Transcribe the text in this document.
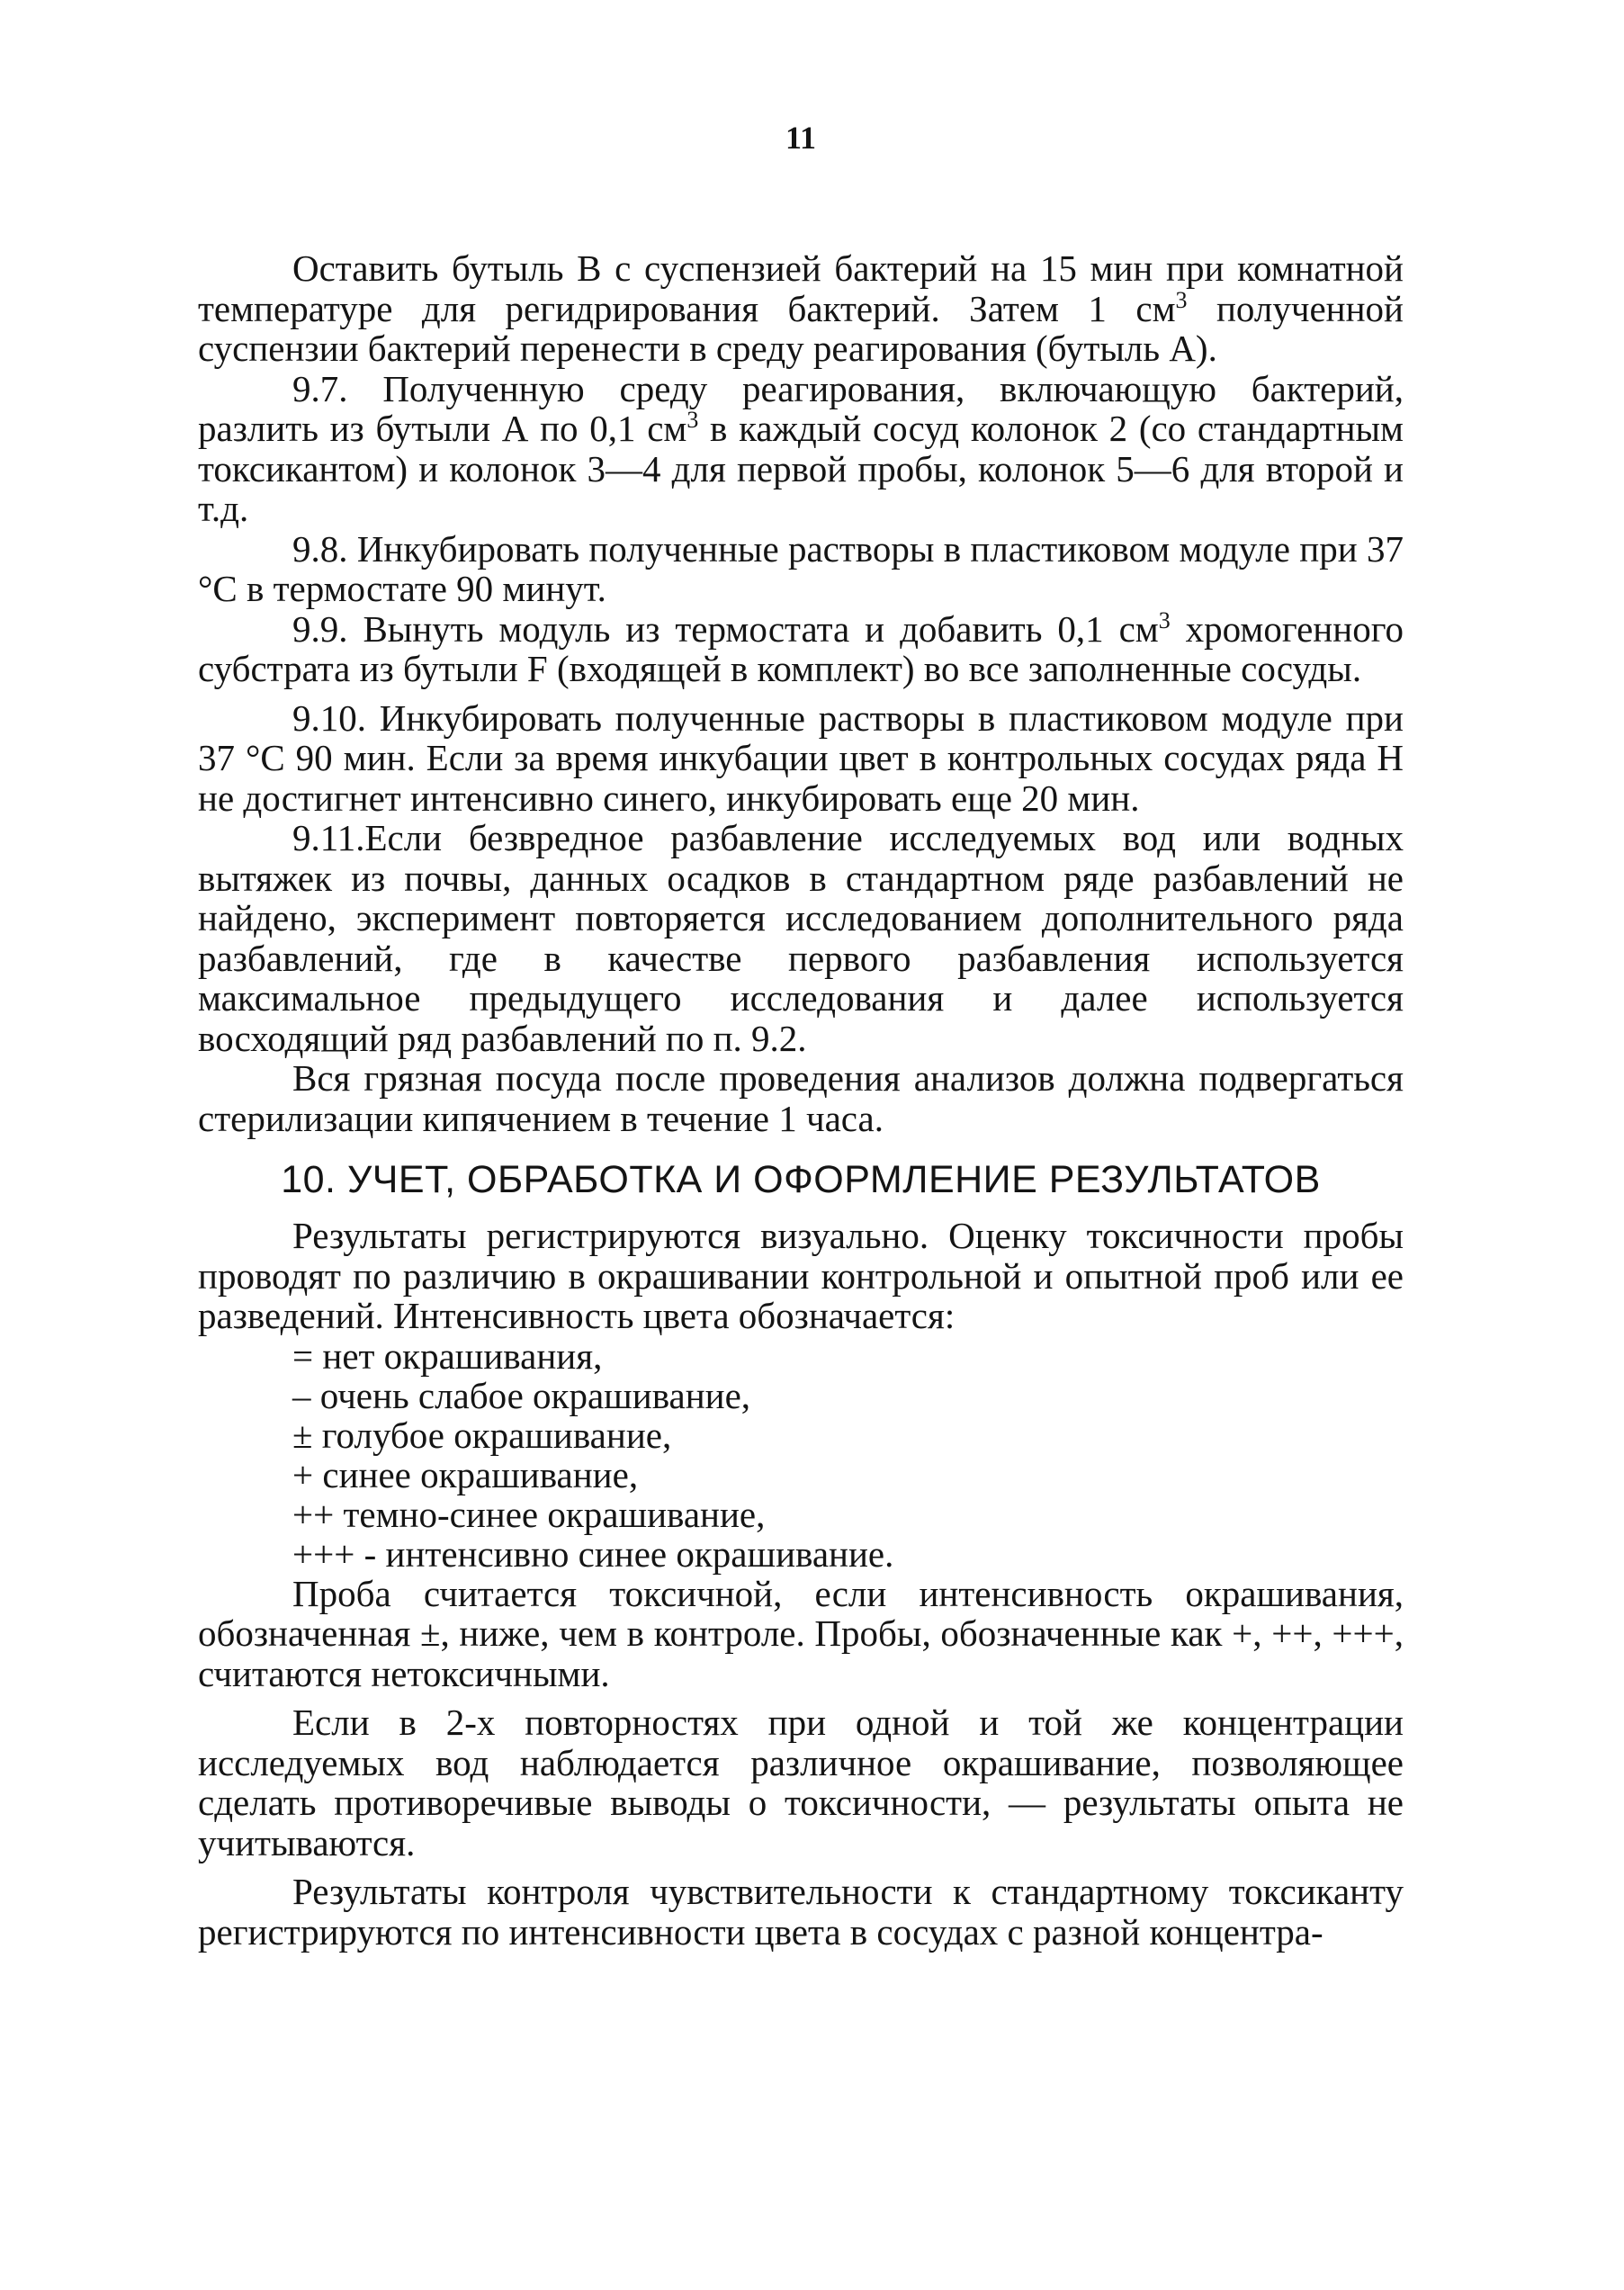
11

Оставить бутыль В с суспензией бактерий на 15 мин при комнатной температуре для регидрирования бактерий. Затем 1 $см^3$ полученной суспензии бактерий перенести в среду реагирования (бутыль А).

9.7. Полученную среду реагирования, включающую бактерий, разлить из бутыли А по 0,1 $см^3$ в каждый сосуд колонок 2 (со стандартным токсикантом) и колонок 3—4 для первой пробы, колонок 5—6 для второй и т.д.

9.8. Инкубировать полученные растворы в пластиковом модуле при 37 °С в термостате 90 минут.

9.9. Вынуть модуль из термостата и добавить 0,1 $см^3$ хромогенного субстрата из бутыли F (входящей в комплект) во все заполненные сосуды.

9.10. Инкубировать полученные растворы в пластиковом модуле при 37 °С 90 мин. Если за время инкубации цвет в контрольных сосудах ряда Н не достигнет интенсивно синего, инкубировать еще 20 мин.

9.11.Если безвредное разбавление исследуемых вод или водных вытяжек из почвы, данных осадков в стандартном ряде разбавлений не найдено, эксперимент повторяется исследованием дополнительного ряда разбавлений, где в качестве первого разбавления используется максимальное предыдущего исследования и далее используется восходящий ряд разбавлений по п. 9.2.

Вся грязная посуда после проведения анализов должна подвергаться стерилизации кипячением в течение 1 часа.

10. УЧЕТ, ОБРАБОТКА И ОФОРМЛЕНИЕ РЕЗУЛЬТАТОВ

Результаты регистрируются визуально. Оценку токсичности пробы проводят по различию в окрашивании контрольной и опытной проб или ее разведений. Интенсивность цвета обозначается:

= нет окрашивания,
– очень слабое окрашивание,
± голубое окрашивание,
+ синее окрашивание,
++ темно-синее окрашивание,
+++ - интенсивно синее окрашивание.

Проба считается токсичной, если интенсивность окрашивания, обозначенная ±, ниже, чем в контроле. Пробы, обозначенные как +, ++, +++, считаются нетоксичными.

Если в 2-х повторностях при одной и той же концентрации исследуемых вод наблюдается различное окрашивание, позволяющее сделать противоречивые выводы о токсичности, — результаты опыта не учитываются.

Результаты контроля чувствительности к стандартному токсиканту регистрируются по интенсивности цвета в сосудах с разной концентра-
